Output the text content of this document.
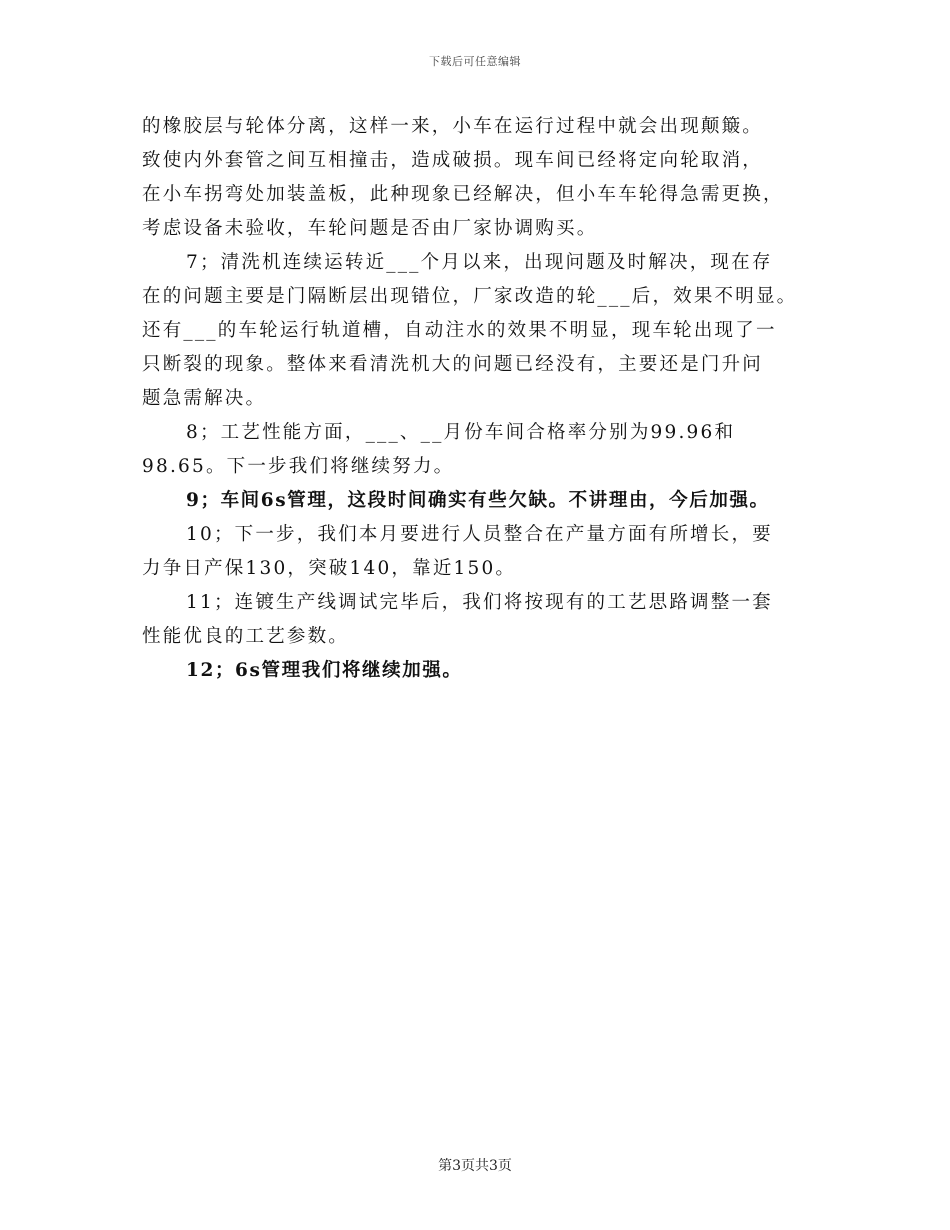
下载后可任意编辑
的橡胶层与轮体分离，这样一来，小车在运行过程中就会出现颠簸。
致使内外套管之间互相撞击，造成破损。现车间已经将定向轮取消，
在小车拐弯处加装盖板，此种现象已经解决，但小车车轮得急需更换，
考虑设备未验收，车轮问题是否由厂家协调购买。
7；清洗机连续运转近___个月以来，出现问题及时解决，现在存
在的问题主要是门隔断层出现错位，厂家改造的轮___后，效果不明显。
还有___的车轮运行轨道槽，自动注水的效果不明显，现车轮出现了一
只断裂的现象。整体来看清洗机大的问题已经没有，主要还是门升问
题急需解决。
8；工艺性能方面，___、__月份车间合格率分别为99.96和
98.65。下一步我们将继续努力。
9；车间6s管理，这段时间确实有些欠缺。不讲理由，今后加强。
10；下一步，我们本月要进行人员整合在产量方面有所增长，要
力争日产保130，突破140，靠近150。
11；连镀生产线调试完毕后，我们将按现有的工艺思路调整一套
性能优良的工艺参数。
12；6s管理我们将继续加强。
第3页共3页
